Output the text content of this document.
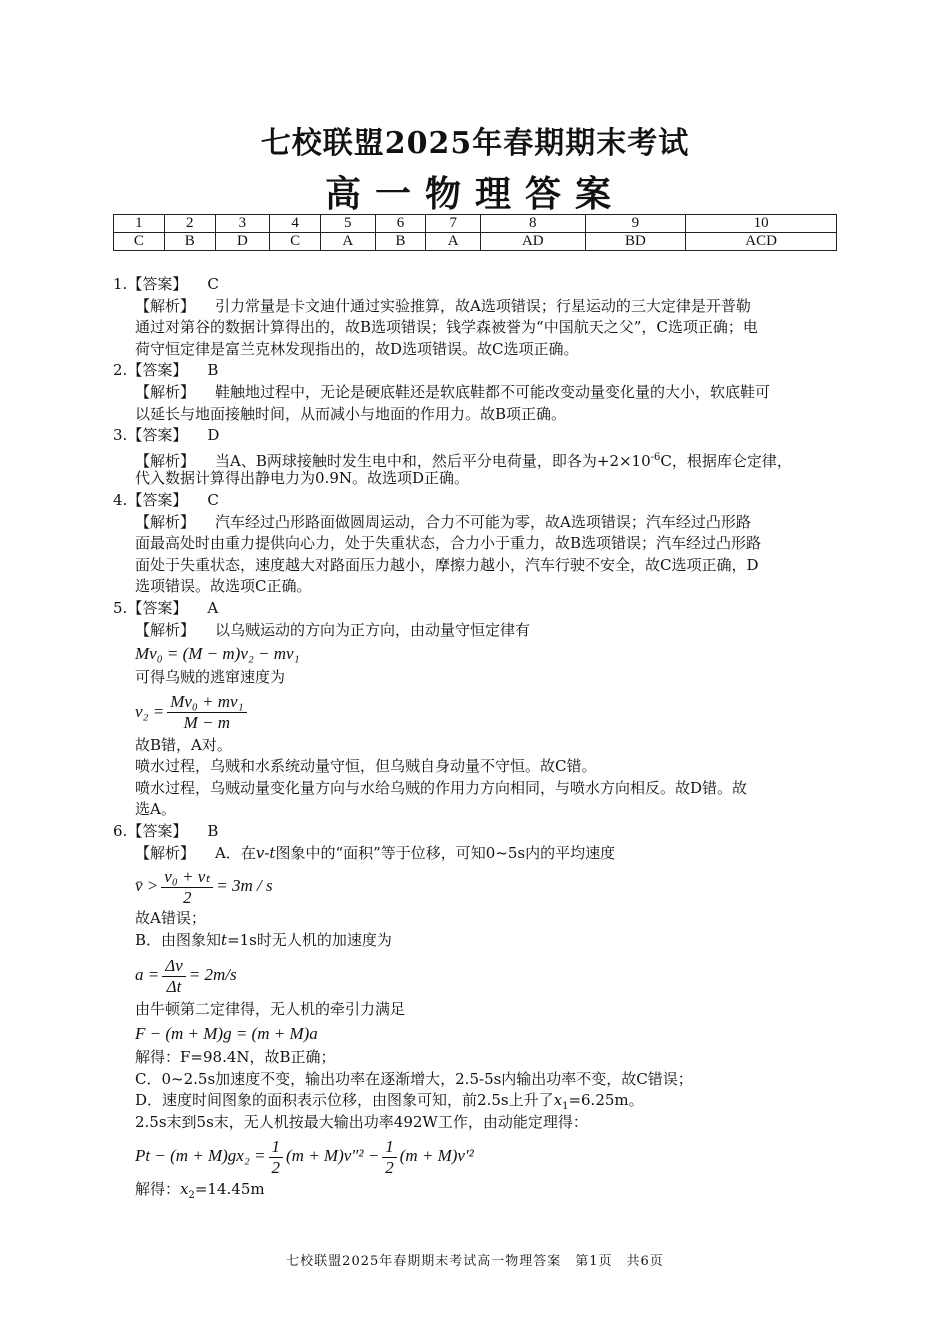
七校联盟2025年春期期末考试
高一物理答案
1	2	3	4	5	6	7	8	9	10
C	B	D	C	A	B	A	AD	BD	ACD
1.【答案】 C
【解析】 引力常量是卡文迪什通过实验推算，故A选项错误；行星运动的三大定律是开普勒
通过对第谷的数据计算得出的，故B选项错误；钱学森被誉为“中国航天之父”，C选项正确；电
荷守恒定律是富兰克林发现指出的，故D选项错误。故C选项正确。
2.【答案】 B
【解析】 鞋触地过程中，无论是硬底鞋还是软底鞋都不可能改变动量变化量的大小，软底鞋可
以延长与地面接触时间，从而减小与地面的作用力。故B项正确。
3.【答案】 D
【解析】 当A、B两球接触时发生电中和，然后平分电荷量，即各为$+2\times 10^{-6}C$，根据库仑定律，
代入数据计算得出静电力为0.9N。故选项D正确。
4.【答案】 C
【解析】 汽车经过凸形路面做圆周运动，合力不可能为零，故A选项错误；汽车经过凸形路
面最高处时由重力提供向心力，处于失重状态，合力小于重力，故B选项错误；汽车经过凸形路
面处于失重状态，速度越大对路面压力越小，摩擦力越小，汽车行驶不安全，故C选项正确，D
选项错误。故选项C正确。
5.【答案】 A
【解析】 以乌贼运动的方向为正方向，由动量守恒定律有
Mv₀ = (M − m)v₂ − mv₁
可得乌贼的逃窜速度为
$v_2 = \frac{\text{Mv₀ + mv₁}}{M - m}$
故B错，A对。
喷水过程，乌贼和水系统动量守恒，但乌贼自身动量不守恒。故C错。
喷水过程，乌贼动量变化量方向与水给乌贼的作用力方向相同，与喷水方向相反。故D错。故
选A。
6.【答案】 B
【解析】 A．在v-t图象中的“面积”等于位移，可知0~5s内的平均速度
v̄ > $\frac{\text{v₀ + vₜ}}{2} = 3m / s$
故A错误；
B．由图象知t=1s时无人机的加速度为
$a = \frac{\Delta v}{\Delta t} = 2m/s$
由牛顿第二定律得，无人机的牵引力满足
F − (m + M)g = (m + M)a
解得：F=98.4N，故B正确；
C．0~2.5s加速度不变，输出功率在逐渐增大，2.5-5s内输出功率不变，故C错误；
D．速度时间图象的面积表示位移，由图象可知，前2.5s上升了$x_1=6.25m$。
2.5s末到5s末，无人机按最大输出功率492W工作，由动能定理得：
$Pt - (m + M)gx_2 = \frac{1}{2} (m + M)v''^2 - \frac{1}{2} (m + M)v'^2$
解得：$x_2=14.45m$
七校联盟2025年春期期末考试高一物理答案　第1页　共6页
